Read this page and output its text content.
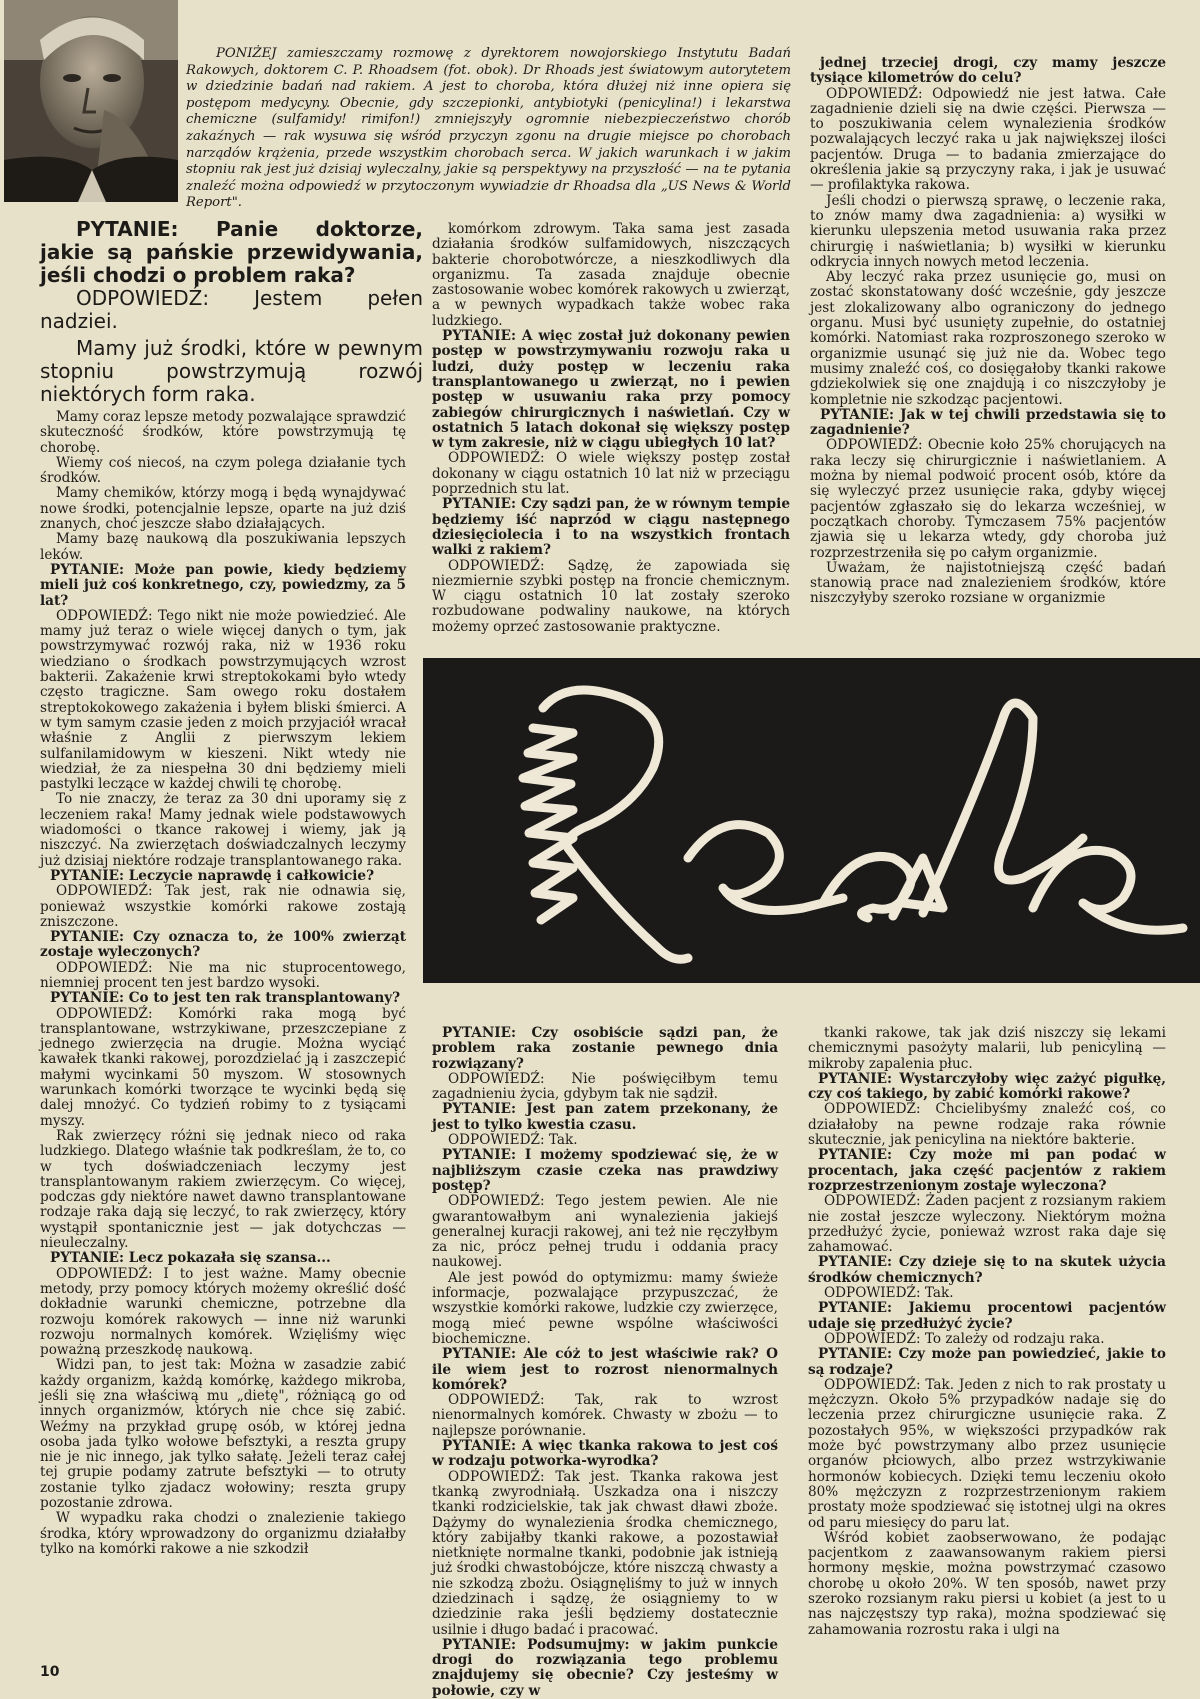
PONIŻEJ zamieszczamy rozmowę z dyrektorem nowojorskiego Instytutu Badań Rakowych, doktorem C. P. Rhoadsem (fot. obok). Dr Rhoads jest światowym autorytetem w dziedzinie badań nad rakiem. A jest to choroba, która dłużej niż inne opiera się postępom medycyny. Obecnie, gdy szczepionki, antybiotyki (penicylina!) i lekarstwa chemiczne (sulfamidy! rimifon!) zmniejszyły ogromnie niebezpieczeństwo chorób zakaźnych — rak wysuwa się wśród przyczyn zgonu na drugie miejsce po chorobach narządów krążenia, przede wszystkim chorobach serca. W jakich warunkach i w jakim stopniu rak jest już dzisiaj wyleczalny, jakie są perspektywy na przyszłość — na te pytania znaleźć można odpowiedź w przytoczonym wywiadzie dr Rhoadsa dla „US News & World Report".

PYTANIE: Panie doktorze, jakie są pańskie przewidywania, jeśli chodzi o problem raka?

ODPOWIEDŹ: Jestem pełen nadziei.

Mamy już środki, które w pewnym stopniu powstrzymują rozwój niektórych form raka.

Mamy coraz lepsze metody pozwalające sprawdzić skuteczność środków, które powstrzymują tę chorobę.

Wiemy coś niecoś, na czym polega działanie tych środków.

Mamy chemików, którzy mogą i będą wynajdywać nowe środki, potencjalnie lepsze, oparte na już dziś znanych, choć jeszcze słabo działających.

Mamy bazę naukową dla poszukiwania lepszych leków.

PYTANIE: Może pan powie, kiedy będziemy mieli już coś konkretnego, czy, powiedzmy, za 5 lat?

ODPOWIEDŹ: Tego nikt nie może powiedzieć. Ale mamy już teraz o wiele więcej danych o tym, jak powstrzymywać rozwój raka, niż w 1936 roku wiedziano o środkach powstrzymujących wzrost bakterii. Zakażenie krwi streptokokami było wtedy często tragiczne. Sam owego roku dostałem streptokokowego zakażenia i byłem bliski śmierci. A w tym samym czasie jeden z moich przyjaciół wracał właśnie z Anglii z pierwszym lekiem sulfanilamidowym w kieszeni. Nikt wtedy nie wiedział, że za niespełna 30 dni będziemy mieli pastylki leczące w każdej chwili tę chorobę.

To nie znaczy, że teraz za 30 dni uporamy się z leczeniem raka! Mamy jednak wiele podstawowych wiadomości o tkance rakowej i wiemy, jak ją niszczyć. Na zwierzętach doświadczalnych leczymy już dzisiaj niektóre rodzaje transplantowanego raka.

PYTANIE: Leczycie naprawdę i całkowicie?

ODPOWIEDŹ: Tak jest, rak nie odnawia się, ponieważ wszystkie komórki rakowe zostają zniszczone.

PYTANIE: Czy oznacza to, że 100% zwierząt zostaje wyleczonych?

ODPOWIEDŹ: Nie ma nic stuprocentowego, niemniej procent ten jest bardzo wysoki.

PYTANIE: Co to jest ten rak transplantowany?

ODPOWIEDŹ: Komórki raka mogą być transplantowane, wstrzykiwane, przeszczepiane z jednego zwierzęcia na drugie. Można wyciąć kawałek tkanki rakowej, porozdzielać ją i zaszczepić małymi wycinkami 50 myszom. W stosownych warunkach komórki tworzące te wycinki będą się dalej mnożyć. Co tydzień robimy to z tysiącami myszy.

Rak zwierzęcy różni się jednak nieco od raka ludzkiego. Dlatego właśnie tak podkreślam, że to, co w tych doświadczeniach leczymy jest transplantowanym rakiem zwierzęcym. Co więcej, podczas gdy niektóre nawet dawno transplantowane rodzaje raka dają się leczyć, to rak zwierzęcy, który wystąpił spontanicznie jest — jak dotychczas — nieuleczalny.

PYTANIE: Lecz pokazała się szansa...

ODPOWIEDŹ: I to jest ważne. Mamy obecnie metody, przy pomocy których możemy określić dość dokładnie warunki chemiczne, potrzebne dla rozwoju komórek rakowych — inne niż warunki rozwoju normalnych komórek. Wzięliśmy więc poważną przeszkodę naukową.

Widzi pan, to jest tak: Można w zasadzie zabić każdy organizm, każdą komórkę, każdego mikroba, jeśli się zna właściwą mu „dietę", różniącą go od innych organizmów, których nie chce się zabić. Weźmy na przykład grupę osób, w której jedna osoba jada tylko wołowe befsztyki, a reszta grupy nie je nic innego, jak tylko sałatę. Jeżeli teraz całej tej grupie podamy zatrute befsztyki — to otruty zostanie tylko zjadacz wołowiny; reszta grupy pozostanie zdrowa.

W wypadku raka chodzi o znalezienie takiego środka, który wprowadzony do organizmu działałby tylko na komórki rakowe a nie szkodził

komórkom zdrowym. Taka sama jest zasada działania środków sulfamidowych, niszczących bakterie chorobotwórcze, a nieszkodliwych dla organizmu. Ta zasada znajduje obecnie zastosowanie wobec komórek rakowych u zwierząt, a w pewnych wypadkach także wobec raka ludzkiego.

PYTANIE: A więc został już dokonany pewien postęp w powstrzymywaniu rozwoju raka u ludzi, duży postęp w leczeniu raka transplantowanego u zwierząt, no i pewien postęp w usuwaniu raka przy pomocy zabiegów chirurgicznych i naświetlań. Czy w ostatnich 5 latach dokonał się większy postęp w tym zakresie, niż w ciągu ubiegłych 10 lat?

ODPOWIEDŹ: O wiele większy postęp został dokonany w ciągu ostatnich 10 lat niż w przeciągu poprzednich stu lat.

PYTANIE: Czy sądzi pan, że w równym tempie będziemy iść naprzód w ciągu następnego dziesięciolecia i to na wszystkich frontach walki z rakiem?

ODPOWIEDŹ: Sądzę, że zapowiada się niezmiernie szybki postęp na froncie chemicznym. W ciągu ostatnich 10 lat zostały szeroko rozbudowane podwaliny naukowe, na których możemy oprzeć zastosowanie praktyczne.

jednej trzeciej drogi, czy mamy jeszcze tysiące kilometrów do celu?

ODPOWIEDŹ: Odpowiedź nie jest łatwa. Całe zagadnienie dzieli się na dwie części. Pierwsza — to poszukiwania celem wynalezienia środków pozwalających leczyć raka u jak największej ilości pacjentów. Druga — to badania zmierzające do określenia jakie są przyczyny raka, i jak je usuwać — profilaktyka rakowa.

Jeśli chodzi o pierwszą sprawę, o leczenie raka, to znów mamy dwa zagadnienia: a) wysiłki w kierunku ulepszenia metod usuwania raka przez chirurgię i naświetlania; b) wysiłki w kierunku odkrycia innych nowych metod leczenia.

Aby leczyć raka przez usunięcie go, musi on zostać skonstatowany dość wcześnie, gdy jeszcze jest zlokalizowany albo ograniczony do jednego organu. Musi być usunięty zupełnie, do ostatniej komórki. Natomiast raka rozproszonego szeroko w organizmie usunąć się już nie da. Wobec tego musimy znaleźć coś, co dosięgałoby tkanki rakowe gdziekolwiek się one znajdują i co niszczyłoby je kompletnie nie szkodząc pacjentowi.

PYTANIE: Jak w tej chwili przedstawia się to zagadnienie?

ODPOWIEDŹ: Obecnie koło 25% chorujących na raka leczy się chirurgicznie i naświetlaniem. A można by niemal podwoić procent osób, które da się wyleczyć przez usunięcie raka, gdyby więcej pacjentów zgłaszało się do lekarza wcześniej, w początkach choroby. Tymczasem 75% pacjentów zjawia się u lekarza wtedy, gdy choroba już rozprzestrzeniła się po całym organizmie.

Uważam, że najistotniejszą część badań stanowią prace nad znalezieniem środków, które niszczyłyby szeroko rozsiane w organizmie

PYTANIE: Czy osobiście sądzi pan, że problem raka zostanie pewnego dnia rozwiązany?

ODPOWIEDŹ: Nie poświęciłbym temu zagadnieniu życia, gdybym tak nie sądził.

PYTANIE: Jest pan zatem przekonany, że jest to tylko kwestia czasu.

ODPOWIEDŹ: Tak.

PYTANIE: I możemy spodziewać się, że w najbliższym czasie czeka nas prawdziwy postęp?

ODPOWIEDŹ: Tego jestem pewien. Ale nie gwarantowałbym ani wynalezienia jakiejś generalnej kuracji rakowej, ani też nie ręczyłbym za nic, prócz pełnej trudu i oddania pracy naukowej.

Ale jest powód do optymizmu: mamy świeże informacje, pozwalające przypuszczać, że wszystkie komórki rakowe, ludzkie czy zwierzęce, mogą mieć pewne wspólne właściwości biochemiczne.

PYTANIE: Ale cóż to jest właściwie rak? O ile wiem jest to rozrost nienormalnych komórek?

ODPOWIEDŹ: Tak, rak to wzrost nienormalnych komórek. Chwasty w zbożu — to najlepsze porównanie.

PYTANIE: A więc tkanka rakowa to jest coś w rodzaju potworka-wyrodka?

ODPOWIEDŹ: Tak jest. Tkanka rakowa jest tkanką zwyrodniałą. Uszkadza ona i niszczy tkanki rodzicielskie, tak jak chwast dławi zboże. Dążymy do wynalezienia środka chemicznego, który zabijałby tkanki rakowe, a pozostawiał nietknięte normalne tkanki, podobnie jak istnieją już środki chwastobójcze, które niszczą chwasty a nie szkodzą zbożu. Osiągnęliśmy to już w innych dziedzinach i sądzę, że osiągniemy to w dziedzinie raka jeśli będziemy dostatecznie usilnie i długo badać i pracować.

PYTANIE: Podsumujmy: w jakim punkcie drogi do rozwiązania tego problemu znajdujemy się obecnie? Czy jesteśmy w połowie, czy w

tkanki rakowe, tak jak dziś niszczy się lekami chemicznymi pasożyty malarii, lub penicyliną — mikroby zapalenia płuc.

PYTANIE: Wystarczyłoby więc zażyć pigułkę, czy coś takiego, by zabić komórki rakowe?

ODPOWIEDŹ: Chcielibyśmy znaleźć coś, co działałoby na pewne rodzaje raka równie skutecznie, jak penicylina na niektóre bakterie.

PYTANIE: Czy może mi pan podać w procentach, jaka część pacjentów z rakiem rozprzestrzenionym zostaje wyleczona?

ODPOWIEDŹ: Żaden pacjent z rozsianym rakiem nie został jeszcze wyleczony. Niektórym można przedłużyć życie, ponieważ wzrost raka daje się zahamować.

PYTANIE: Czy dzieje się to na skutek użycia środków chemicznych?

ODPOWIEDŹ: Tak.

PYTANIE: Jakiemu procentowi pacjentów udaje się przedłużyć życie?

ODPOWIEDŹ: To zależy od rodzaju raka.

PYTANIE: Czy może pan powiedzieć, jakie to są rodzaje?

ODPOWIEDŹ: Tak. Jeden z nich to rak prostaty u mężczyzn. Około 5% przypadków nadaje się do leczenia przez chirurgiczne usunięcie raka. Z pozostałych 95%, w większości przypadków rak może być powstrzymany albo przez usunięcie organów płciowych, albo przez wstrzykiwanie hormonów kobiecych. Dzięki temu leczeniu około 80% mężczyzn z rozprzestrzenionym rakiem prostaty może spodziewać się istotnej ulgi na okres od paru miesięcy do paru lat.

Wśród kobiet zaobserwowano, że podając pacjentkom z zaawansowanym rakiem piersi hormony męskie, można powstrzymać czasowo chorobę u około 20%. W ten sposób, nawet przy szeroko rozsianym raku piersi u kobiet (a jest to u nas najczęstszy typ raka), można spodziewać się zahamowania rozrostu raka i ulgi na

10
